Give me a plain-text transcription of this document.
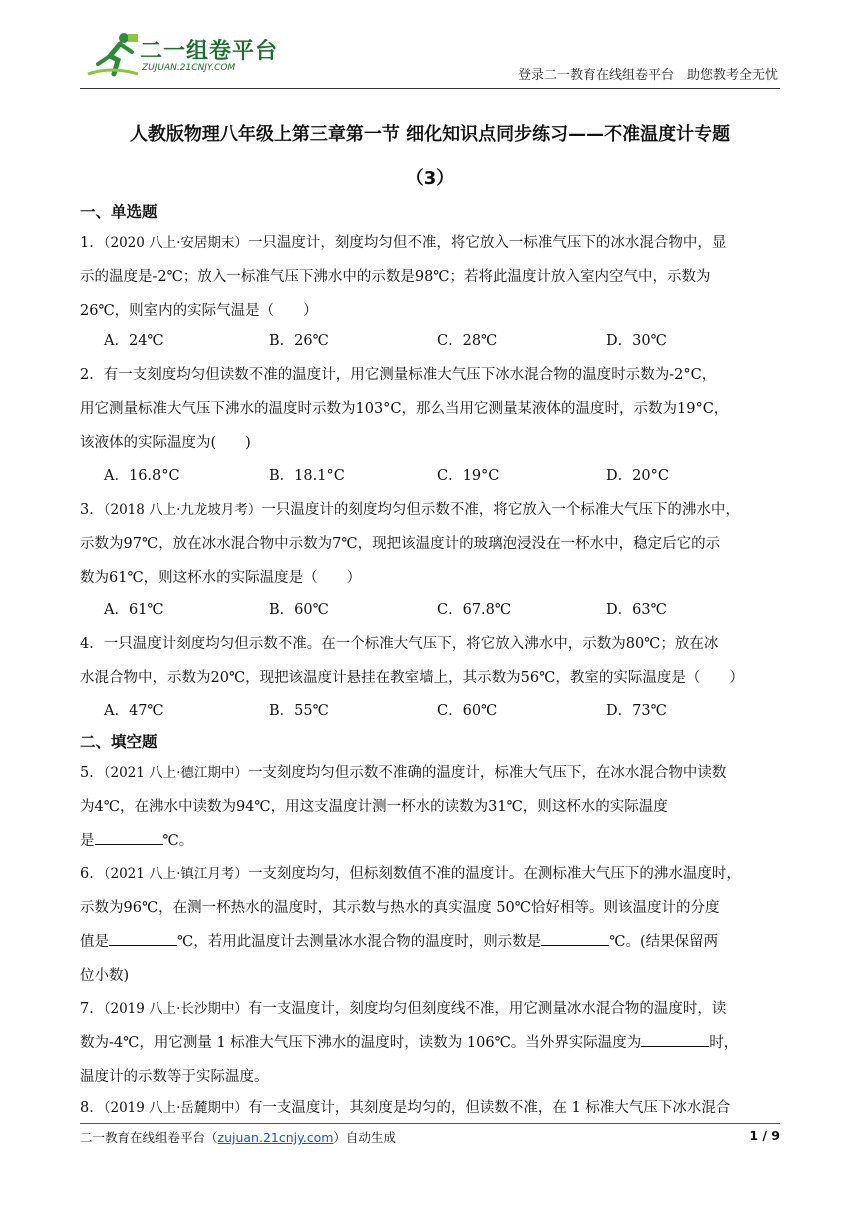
二一组卷平台
ZUJUAN.21CNJY.COM	登录二一教育在线组卷平台　助您教考全无忧
人教版物理八年级上第三章第一节 细化知识点同步练习——不准温度计专题
（3）
一、单选题
1．（2020 八上·安居期末）一只温度计，刻度均匀但不准，将它放入一标准气压下的冰水混合物中，显
示的温度是-2℃；放入一标准气压下沸水中的示数是98℃；若将此温度计放入室内空气中，示数为
26℃，则室内的实际气温是（　　）
A．24℃	B．26℃	C．28℃	D．30℃
2．有一支刻度均匀但读数不准的温度计，用它测量标准大气压下冰水混合物的温度时示数为-2°C，
用它测量标准大气压下沸水的温度时示数为103°C，那么当用它测量某液体的温度时，示数为19°C，
该液体的实际温度为(　　)
A．16.8°C	B．18.1°C	C．19°C	D．20°C
3．（2018 八上·九龙坡月考）一只温度计的刻度均匀但示数不准，将它放入一个标准大气压下的沸水中，
示数为97℃，放在冰水混合物中示数为7℃，现把该温度计的玻璃泡浸没在一杯水中，稳定后它的示
数为61℃，则这杯水的实际温度是（　　）
A．61℃	B．60℃	C．67.8℃	D．63℃
4．一只温度计刻度均匀但示数不准。在一个标准大气压下，将它放入沸水中，示数为80℃；放在冰
水混合物中，示数为20℃，现把该温度计悬挂在教室墙上，其示数为56℃，教室的实际温度是（　　）
A．47℃	B．55℃	C．60℃	D．73℃
二、填空题
5．（2021 八上·德江期中）一支刻度均匀但示数不准确的温度计，标准大气压下，在冰水混合物中读数
为4℃，在沸水中读数为94℃，用这支温度计测一杯水的读数为31℃，则这杯水的实际温度
是	℃。
6．（2021 八上·镇江月考）一支刻度均匀，但标刻数值不准的温度计。在测标准大气压下的沸水温度时，
示数为96℃，在测一杯热水的温度时，其示数与热水的真实温度 50℃恰好相等。则该温度计的分度
值是	℃，若用此温度计去测量冰水混合物的温度时，则示数是	℃。(结果保留两
位小数)
7．（2019 八上·长沙期中）有一支温度计，刻度均匀但刻度线不准，用它测量冰水混合物的温度时，读
数为-4℃，用它测量 1 标准大气压下沸水的温度时，读数为 106℃。当外界实际温度为	时，
温度计的示数等于实际温度。
8．（2019 八上·岳麓期中）有一支温度计，其刻度是均匀的，但读数不准，在 1 标准大气压下冰水混合
二一教育在线组卷平台（zujuan.21cnjy.com）自动生成	1 / 9
